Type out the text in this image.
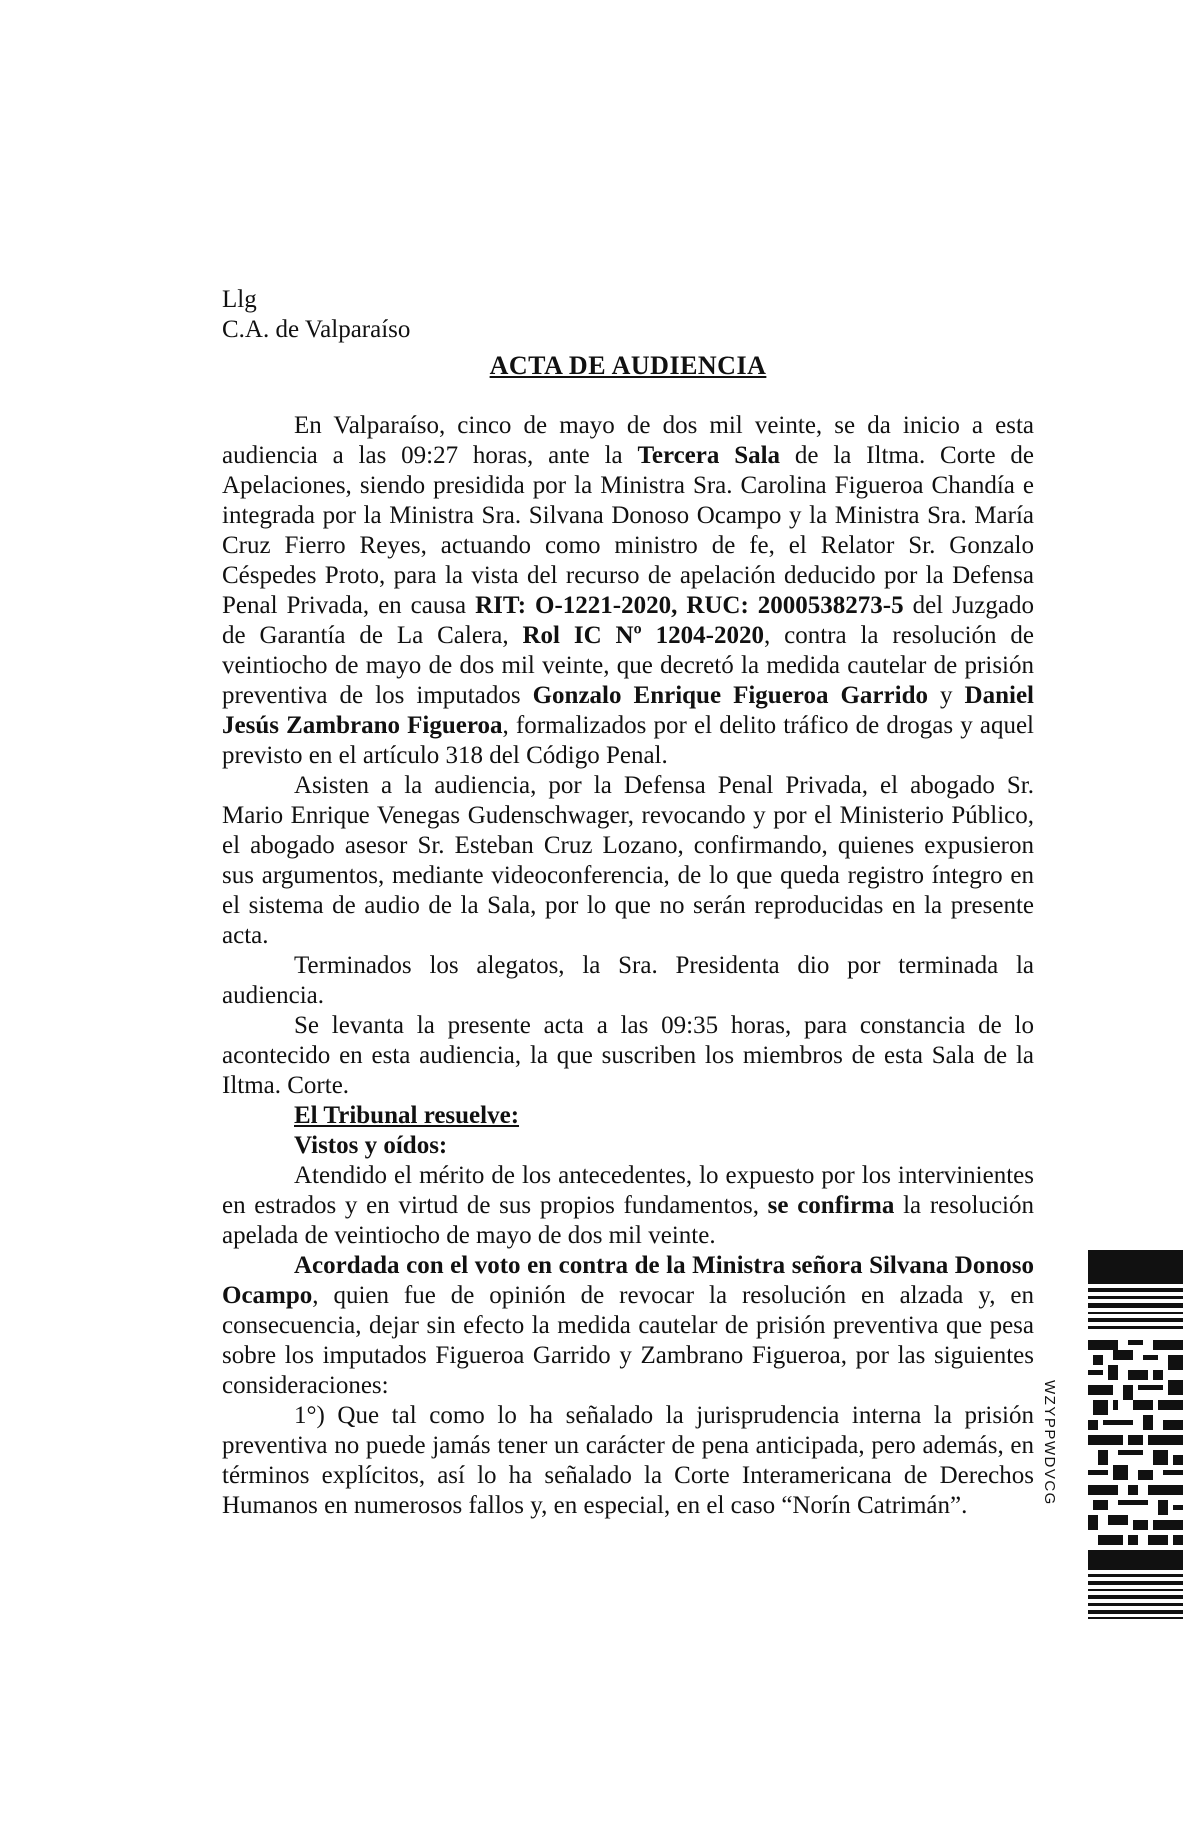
Llg

C.A. de Valparaíso

ACTA DE AUDIENCIA

En Valparaíso, cinco de mayo de dos mil veinte, se da inicio a esta audiencia a las 09:27 horas, ante la Tercera Sala de la Iltma. Corte de Apelaciones, siendo presidida por la Ministra Sra. Carolina Figueroa Chandía e integrada por la Ministra Sra. Silvana Donoso Ocampo y la Ministra Sra. María Cruz Fierro Reyes, actuando como ministro de fe, el Relator Sr. Gonzalo Céspedes Proto, para la vista del recurso de apelación deducido por la Defensa Penal Privada, en causa RIT: O-1221-2020, RUC: 2000538273-5 del Juzgado de Garantía de La Calera, Rol IC Nº 1204-2020, contra la resolución de veintiocho de mayo de dos mil veinte, que decretó la medida cautelar de prisión preventiva de los imputados Gonzalo Enrique Figueroa Garrido y Daniel Jesús Zambrano Figueroa, formalizados por el delito tráfico de drogas y aquel previsto en el artículo 318 del Código Penal.

Asisten a la audiencia, por la Defensa Penal Privada, el abogado Sr. Mario Enrique Venegas Gudenschwager, revocando y por el Ministerio Público, el abogado asesor Sr. Esteban Cruz Lozano, confirmando, quienes expusieron sus argumentos, mediante videoconferencia, de lo que queda registro íntegro en el sistema de audio de la Sala, por lo que no serán reproducidas en la presente acta.

Terminados los alegatos, la Sra. Presidenta dio por terminada la audiencia.

Se levanta la presente acta a las 09:35 horas, para constancia de lo acontecido en esta audiencia, la que suscriben los miembros de esta Sala de la Iltma. Corte.

El Tribunal resuelve:

Vistos y oídos:

Atendido el mérito de los antecedentes, lo expuesto por los intervinientes en estrados y en virtud de sus propios fundamentos, se confirma la resolución apelada de veintiocho de mayo de dos mil veinte.

Acordada con el voto en contra de la Ministra señora Silvana Donoso Ocampo, quien fue de opinión de revocar la resolución en alzada y, en consecuencia, dejar sin efecto la medida cautelar de prisión preventiva que pesa sobre los imputados Figueroa Garrido y Zambrano Figueroa, por las siguientes consideraciones:

1°) Que tal como lo ha señalado la jurisprudencia interna la prisión preventiva no puede jamás tener un carácter de pena anticipada, pero además, en términos explícitos, así lo ha señalado la Corte Interamericana de Derechos Humanos en numerosos fallos y, en especial, en el caso “Norín Catrimán”.	WZYPPWDVCG
